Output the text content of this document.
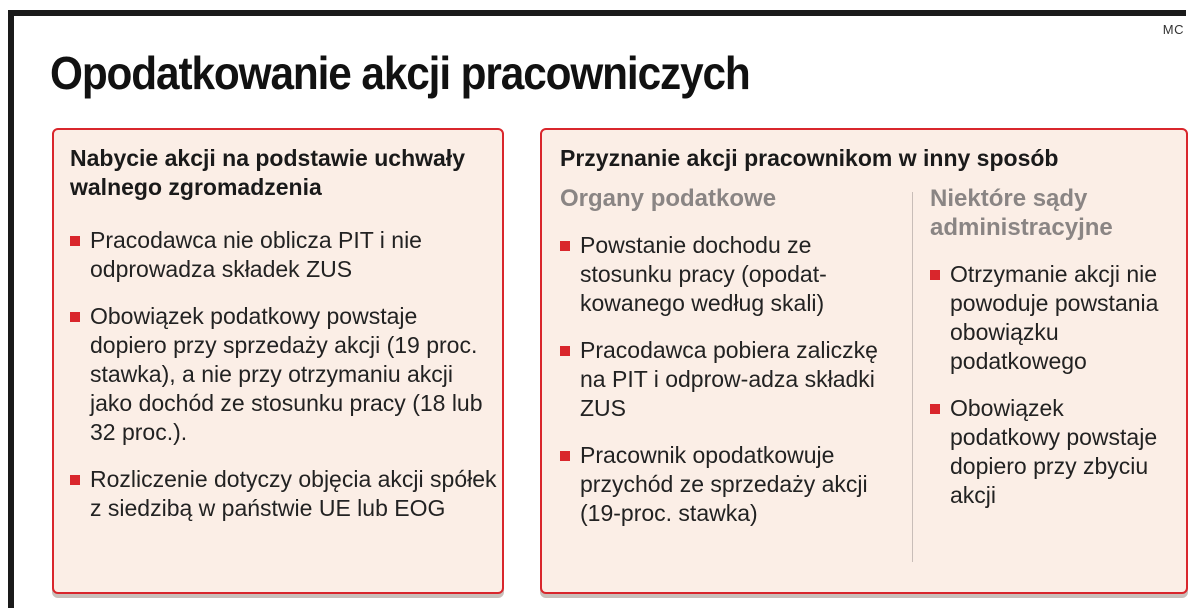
MC
Opodatkowanie akcji pracowniczych
Nabycie akcji na podstawie uchwały walnego zgromadzenia
Pracodawca nie oblicza PIT i nie odprowadza składek ZUS
Obowiązek podatkowy powstaje dopiero przy sprzedaży akcji (19 proc. stawka), a nie przy otrzymaniu akcji jako dochód ze stosunku pracy (18 lub 32 proc.).
Rozliczenie dotyczy objęcia akcji spółek z siedzibą w państwie UE lub EOG
Przyznanie akcji pracownikom w inny sposób
Organy podatkowe
Powstanie dochodu ze stosunku pracy (opodat-kowanego według skali)
Pracodawca pobiera zaliczkę na PIT i odprow-adza składki ZUS
Pracownik opodatkowuje przychód ze sprzedaży akcji (19-proc. stawka)
Niektóre sądy administracyjne
Otrzymanie akcji nie powoduje powstania obowiązku podatkowego
Obowiązek podatkowy powstaje dopiero przy zbyciu akcji
